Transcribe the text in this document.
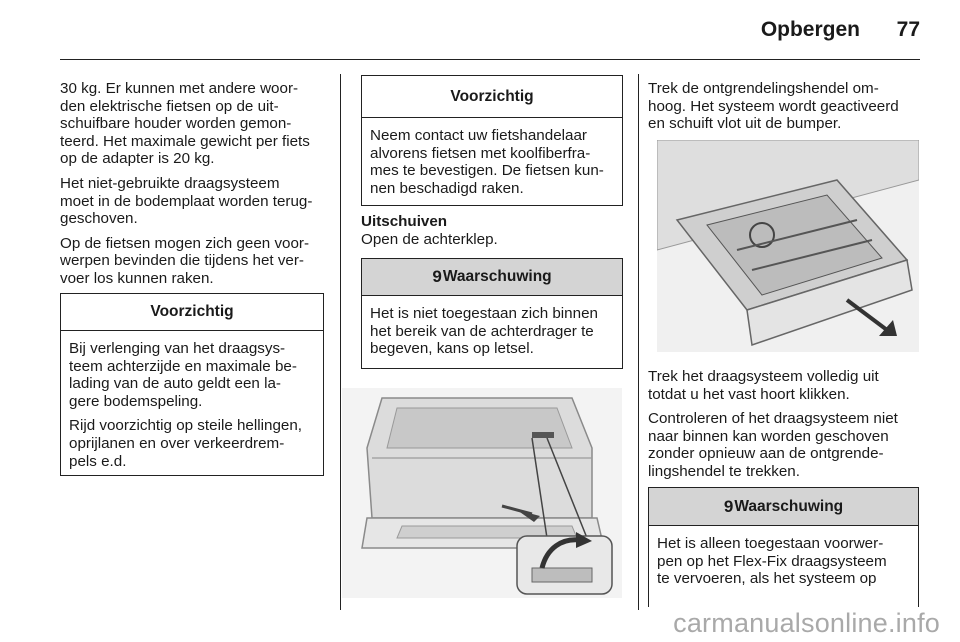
Opbergen	77

30 kg. Er kunnen met andere woor-
den elektrische fietsen op de uit-
schuifbare houder worden gemon-
teerd. Het maximale gewicht per fiets
op de adapter is 20 kg.

Het niet-gebruikte draagsysteem
moet in de bodemplaat worden terug-
geschoven.

Op de fietsen mogen zich geen voor-
werpen bevinden die tijdens het ver-
voer los kunnen raken.

Voorzichtig

Bij verlenging van het draagsys-
teem achterzijde en maximale be-
lading van de auto geldt een la-
gere bodemspeling.

Rijd voorzichtig op steile hellingen,
oprijlanen en over verkeerdrem-
pels e.d.

Voorzichtig
Neem contact uw fietshandelaar
alvorens fietsen met koolfiberfra-
mes te bevestigen. De fietsen kun-
nen beschadigd raken.
Uitschuiven
Open de achterklep.
9 Waarschuwing
Het is niet toegestaan zich binnen
het bereik van de achterdrager te
begeven, kans op letsel.
Trek de ontgrendelingshendel om-
hoog. Het systeem wordt geactiveerd
en schuift vlot uit de bumper.

Trek het draagsysteem volledig uit
totdat u het vast hoort klikken.

Controleren of het draagsysteem niet
naar binnen kan worden geschoven
zonder opnieuw aan de ontgrende-
lingshendel te trekken.

9 Waarschuwing
Het is alleen toegestaan voorwer-
pen op het Flex-Fix draagsysteem
te vervoeren, als het systeem op
carmanualsonline.info
